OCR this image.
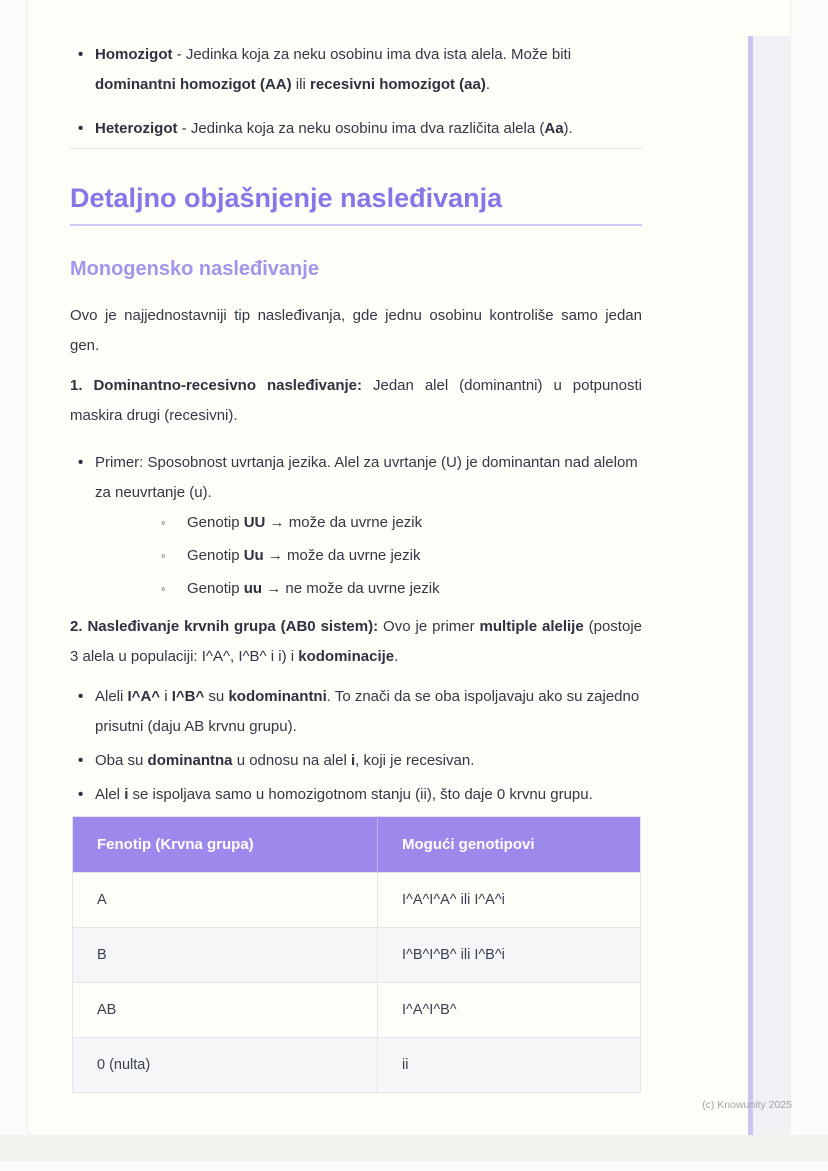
• Homozigot - Jedinka koja za neku osobinu ima dva ista alela. Može biti dominantni homozigot (AA) ili recesivni homozigot (aa).
• Heterozigot - Jedinka koja za neku osobinu ima dva različita alela (Aa).
Detaljno objašnjenje nasleđivanja
Monogensko nasleđivanje

Ovo je najjednostavniji tip nasleđivanja, gde jednu osobinu kontroliše samo jedan gen.

1. Dominantno-recesivno nasleđivanje: Jedan alel (dominantni) u potpunosti maskira drugi (recesivni).

• Primer: Sposobnost uvrtanja jezika. Alel za uvrtanje (U) je dominantan nad alelom za neuvrtanje (u).
◦ Genotip UU → može da uvrne jezik
◦ Genotip Uu → može da uvrne jezik
◦ Genotip uu → ne može da uvrne jezik

2. Nasleđivanje krvnih grupa (AB0 sistem): Ovo je primer multiple alelije (postoje 3 alela u populaciji: I^A^, I^B^ i i) i kodominacije.

• Aleli I^A^ i I^B^ su kodominantni. To znači da se oba ispoljavaju ako su zajedno prisutni (daju AB krvnu grupu).
• Oba su dominantna u odnosu na alel i, koji je recesivan.
• Alel i se ispoljava samo u homozigotnom stanju (ii), što daje 0 krvnu grupu.
Fenotip (Krvna grupa)	Mogući genotipovi
A	I^A^I^A^ ili I^A^i
B	I^B^I^B^ ili I^B^i
AB	I^A^I^B^
0 (nulta)	ii
(c) Knowunity 2025
